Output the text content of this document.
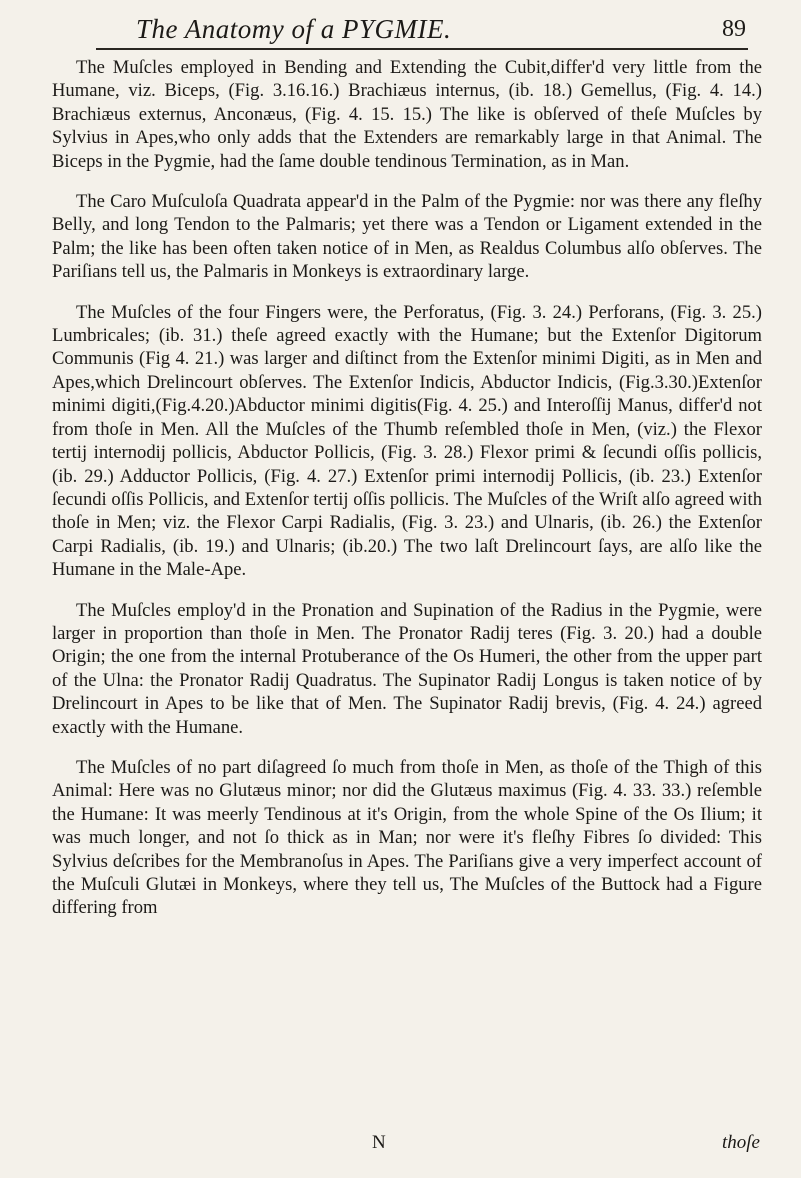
The Anatomy of a PYGMIE.	89

The Muſcles employed in Bending and Extending the Cubit,differ'd very little from the Humane, viz. Biceps, (Fig. 3.16.16.) Brachiæus internus, (ib. 18.) Gemellus, (Fig. 4. 14.) Brachiæus externus, Anconæus, (Fig. 4. 15. 15.) The like is obſerved of theſe Muſcles by Sylvius in Apes,who only adds that the Extenders are remarkably large in that Animal. The Biceps in the Pygmie, had the ſame double tendinous Termination, as in Man.

The Caro Muſculoſa Quadrata appear'd in the Palm of the Pygmie: nor was there any fleſhy Belly, and long Tendon to the Palmaris; yet there was a Tendon or Ligament extended in the Palm; the like has been often taken notice of in Men, as Realdus Columbus alſo obſerves. The Pariſians tell us, the Palmaris in Monkeys is extraordinary large.

The Muſcles of the four Fingers were, the Perforatus, (Fig. 3. 24.) Perforans, (Fig. 3. 25.) Lumbricales; (ib. 31.) theſe agreed exactly with the Humane; but the Extenſor Digitorum Communis (Fig 4. 21.) was larger and diſtinct from the Extenſor minimi Digiti, as in Men and Apes,which Drelincourt obſerves. The Extenſor Indicis, Abductor Indicis, (Fig.3.30.)Extenſor minimi digiti,(Fig.4.20.)Abductor minimi digitis(Fig. 4. 25.) and Interoſſij Manus, differ'd not from thoſe in Men. All the Muſcles of the Thumb reſembled thoſe in Men, (viz.) the Flexor tertij internodij pollicis, Abductor Pollicis, (Fig. 3. 28.) Flexor primi & ſecundi oſſis pollicis, (ib. 29.) Adductor Pollicis, (Fig. 4. 27.) Extenſor primi internodij Pollicis, (ib. 23.) Extenſor ſecundi oſſis Pollicis, and Extenſor tertij oſſis pollicis. The Muſcles of the Wriſt alſo agreed with thoſe in Men; viz. the Flexor Carpi Radialis, (Fig. 3. 23.) and Ulnaris, (ib. 26.) the Extenſor Carpi Radialis, (ib. 19.) and Ulnaris; (ib.20.) The two laſt Drelincourt ſays, are alſo like the Humane in the Male-Ape.

The Muſcles employ'd in the Pronation and Supination of the Radius in the Pygmie, were larger in proportion than thoſe in Men. The Pronator Radij teres (Fig. 3. 20.) had a double Origin; the one from the internal Protuberance of the Os Humeri, the other from the upper part of the Ulna: the Pronator Radij Quadratus. The Supinator Radij Longus is taken notice of by Drelincourt in Apes to be like that of Men. The Supinator Radij brevis, (Fig. 4. 24.) agreed exactly with the Humane.

The Muſcles of no part diſagreed ſo much from thoſe in Men, as thoſe of the Thigh of this Animal: Here was no Glutæus minor; nor did the Glutæus maximus (Fig. 4. 33. 33.) reſemble the Humane: It was meerly Tendinous at it's Origin, from the whole Spine of the Os Ilium; it was much longer, and not ſo thick as in Man; nor were it's fleſhy Fibres ſo divided: This Sylvius deſcribes for the Membranoſus in Apes. The Pariſians give a very imperfect account of the Muſculi Glutæi in Monkeys, where they tell us, The Muſcles of the Buttock had a Figure differing from

N	thoſe
